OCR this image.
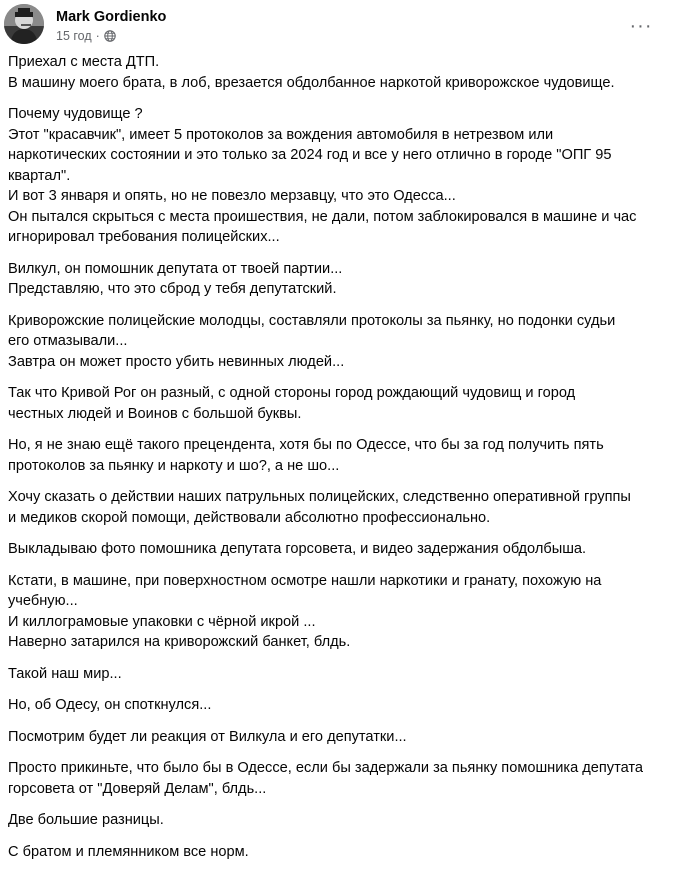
Mark Gordienko
15 год ·	···

Приехал с места ДТП.
В машину моего брата, в лоб, врезается обдолбанное наркотой криворожское чудовище.

Почему чудовище ?
Этот "красавчик", имеет 5 протоколов за вождения автомобиля в нетрезвом или
наркотических состоянии и это только за 2024 год и все у него отлично в городе "ОПГ 95
квартал".
И вот 3 января и опять, но не повезло мерзавцу, что это Одесса...
Он пытался скрыться с места проишествия, не дали, потом заблокировался в машине и час
игнорировал требования полицейских...

Вилкул, он помошник депутата от твоей партии...
Представляю, что это сброд у тебя депутатский.

Криворожские полицейские молодцы, составляли протоколы за пьянку, но подонки судьи
его отмазывали...
Завтра он может просто убить невинных людей...

Так что Кривой Рог он разный, с одной стороны город рождающий чудовищ и город
честных людей и Воинов с большой буквы.

Но, я не знаю ещё такого прецендента, хотя бы по Одессе, что бы за год получить пять
протоколов за пьянку и наркоту и шо?, а не шо...

Хочу сказать о действии наших патрульных полицейских, следственно оперативной группы
и медиков скорой помощи, действовали абсолютно профессионально.

Выкладываю фото помошника депутата горсовета, и видео задержания обдолбыша.

Кстати, в машине, при поверхностном осмотре нашли наркотики и гранату, похожую на
учебную...
И киллограмовые упаковки с чёрной икрой ...
Наверно затарился на криворожский банкет, блдь.

Такой наш мир...

Но, об Одесу, он споткнулся...

Посмотрим будет ли реакция от Вилкула и его депутатки...

Просто прикиньте, что было бы в Одессе, если бы задержали за пьянку помошника депутата
горсовета от "Доверяй Делам", блдь...

Две большие разницы.

С братом и племянником все норм.
